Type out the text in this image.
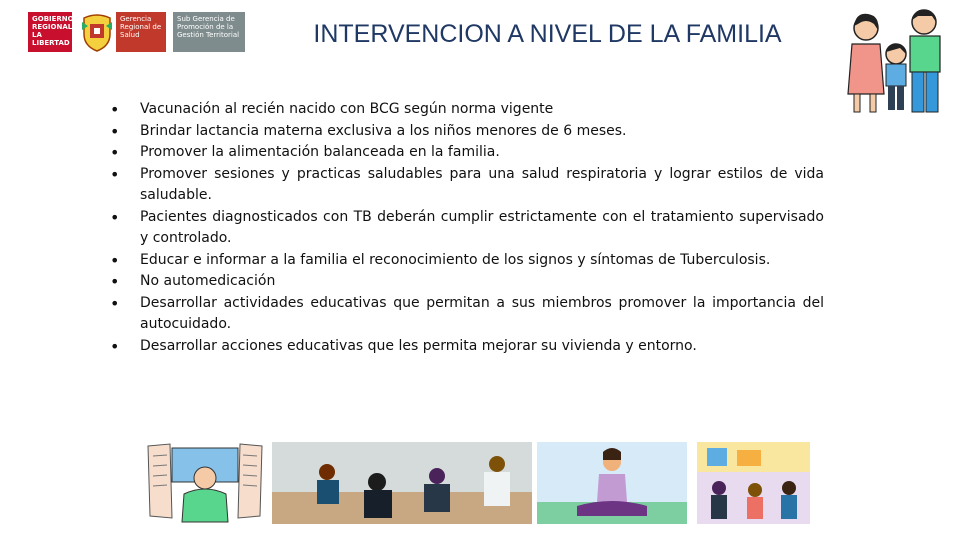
GOBIERNO REGIONAL LA LIBERTAD
Gerencia Regional de Salud
Sub Gerencia de Promoción de la Gestión Territorial	INTERVENCION A NIVEL DE LA FAMILIA
• Vacunación al recién nacido con BCG según norma vigente
• Brindar lactancia materna exclusiva a los niños menores de 6 meses.
• Promover la alimentación balanceada en la familia.
• Promover sesiones y practicas saludables para una salud respiratoria y lograr estilos de vida saludable.
• Pacientes diagnosticados con TB deberán cumplir estrictamente con el tratamiento supervisado y controlado.
• Educar e informar a la familia el reconocimiento de los signos y síntomas de Tuberculosis.
• No automedicación
• Desarrollar actividades educativas que permitan a sus miembros promover la importancia del autocuidado.
• Desarrollar acciones educativas que les permita mejorar su vivienda y entorno.
